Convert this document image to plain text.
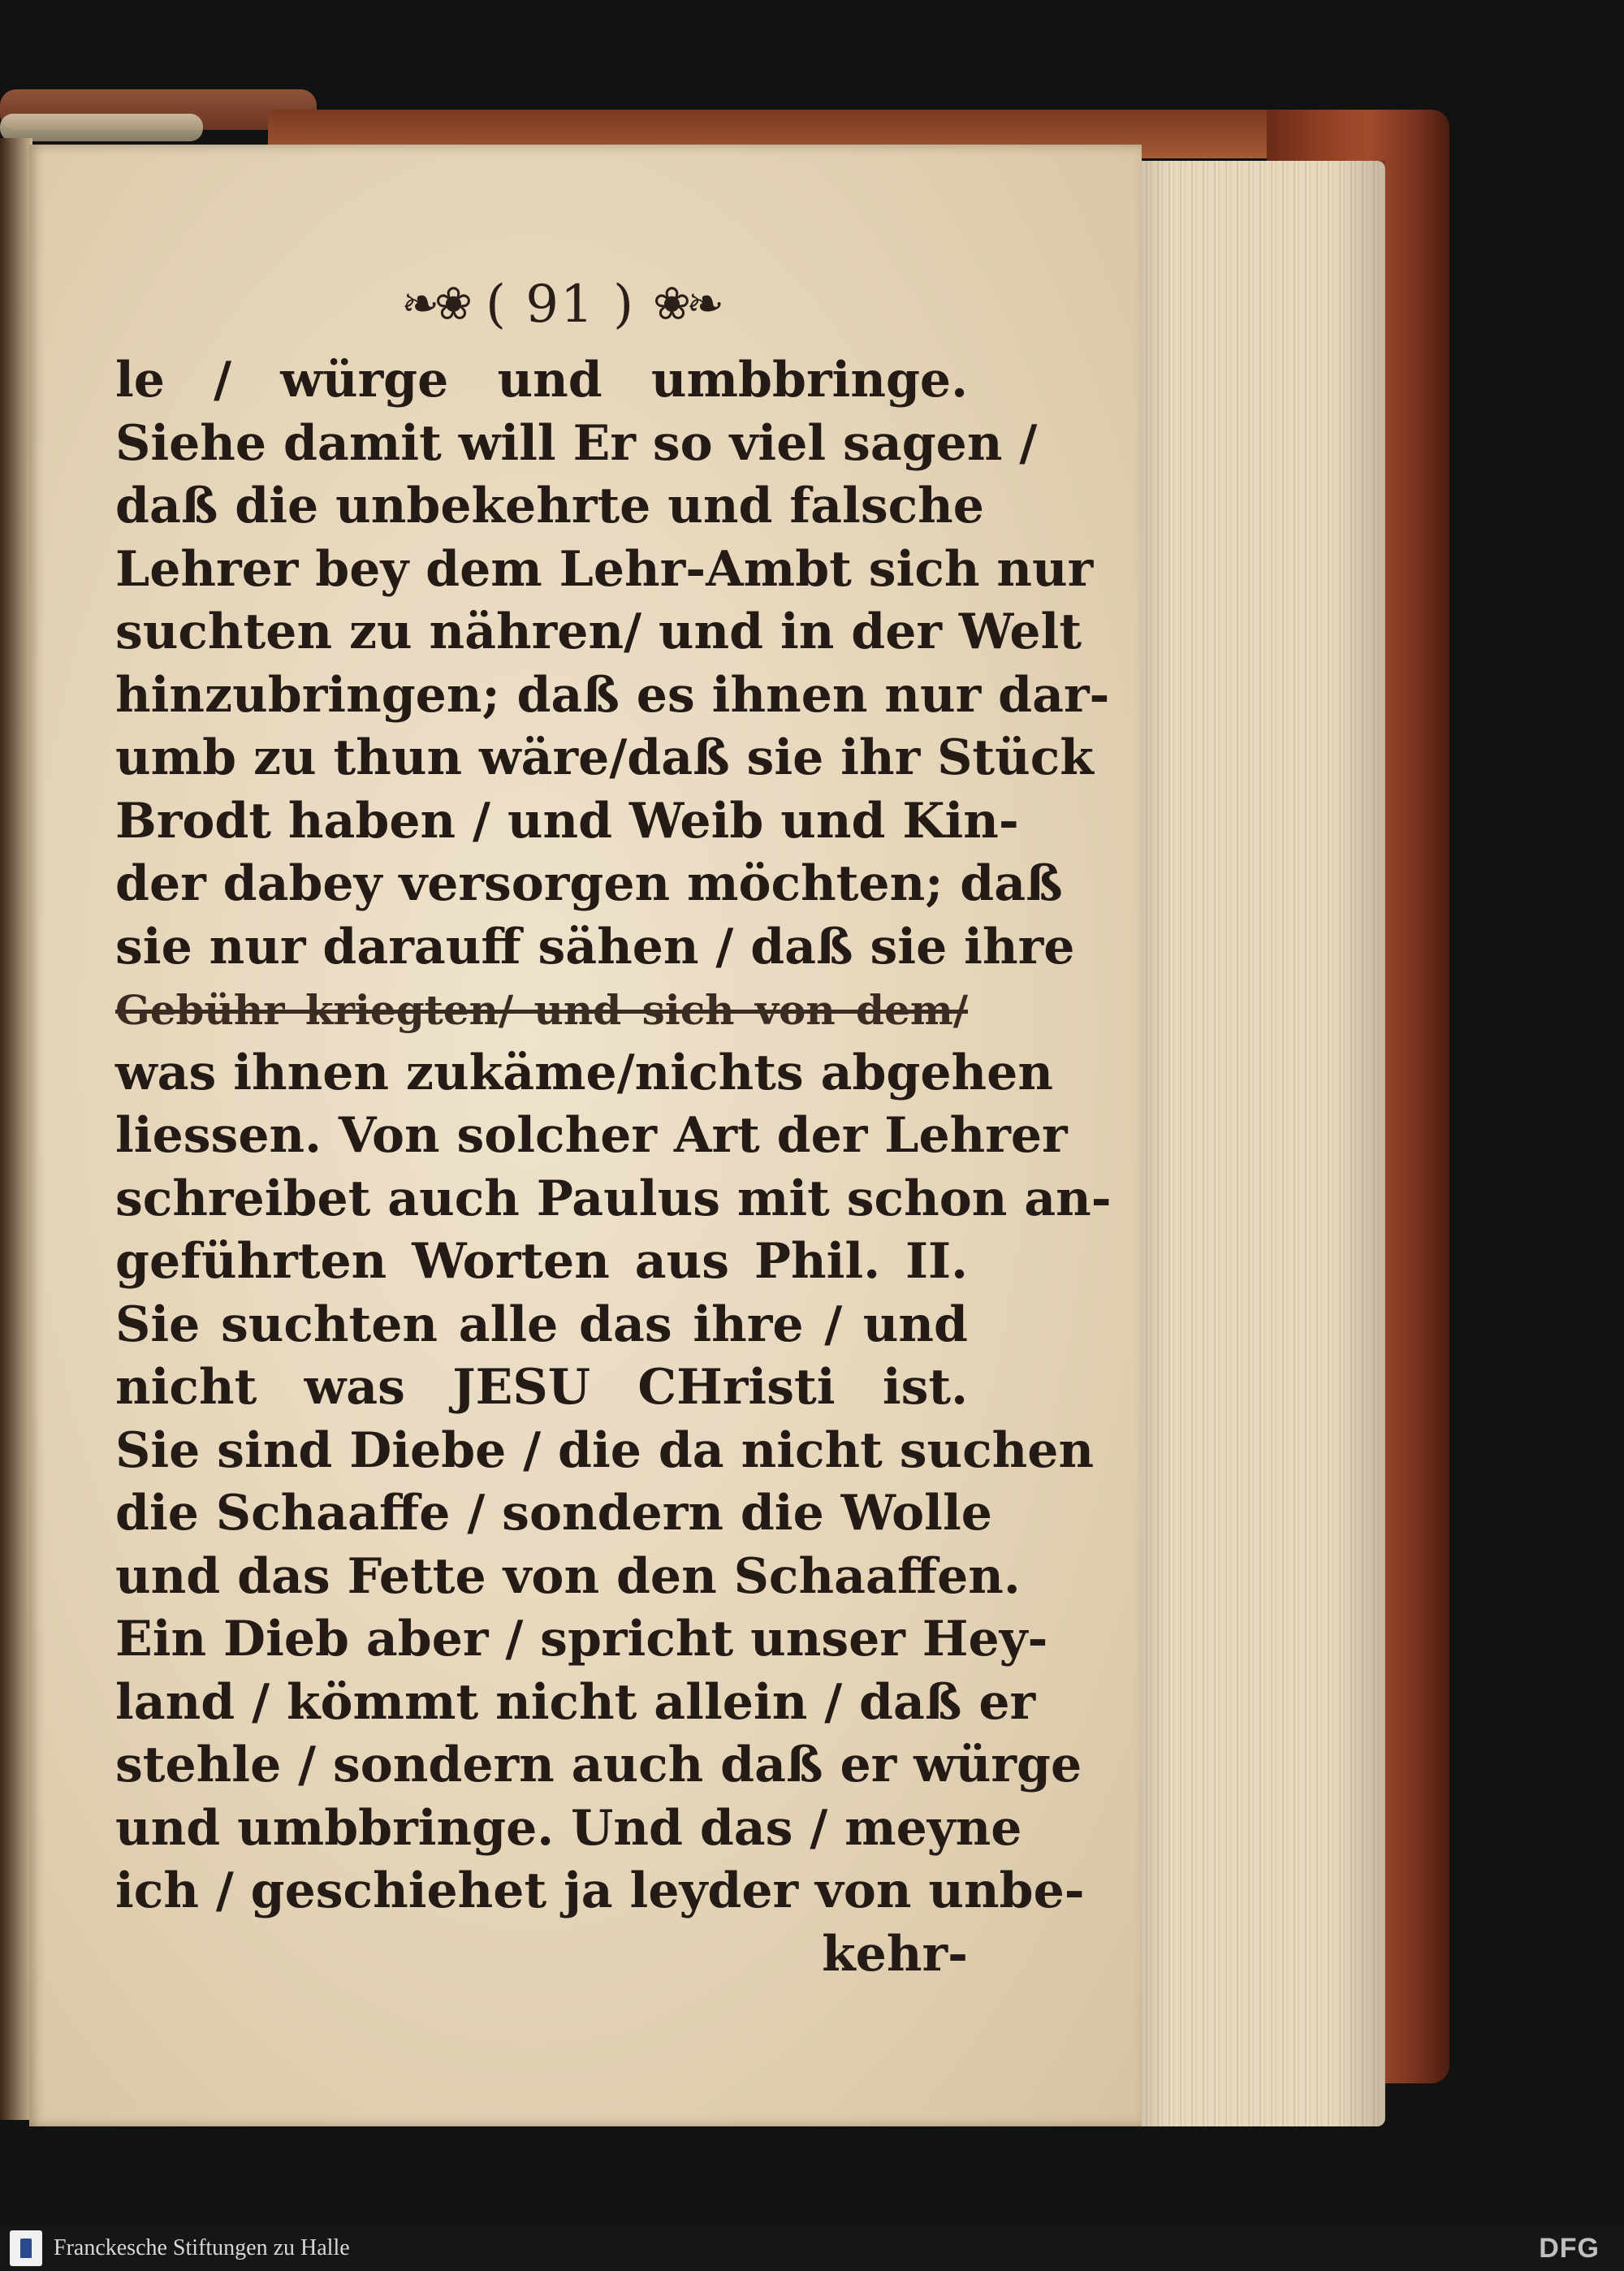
❧❀ ( 91 ) ❀❧
le / würge und umbbringe.
Siehe damit will Er so viel sagen /
daß die unbekehrte und falsche
Lehrer bey dem Lehr-Ambt sich nur
suchten zu nähren/ und in der Welt
hinzubringen; daß es ihnen nur dar-
umb zu thun wäre/daß sie ihr Stück
Brodt haben / und Weib und Kin-
der dabey versorgen möchten; daß
sie nur darauff sähen / daß sie ihre
Gebühr kriegten/ und sich von dem/
was ihnen zukäme/nichts abgehen
liessen. Von solcher Art der Lehrer
schreibet auch Paulus mit schon an-
geführten Worten aus Phil. II.
Sie suchten alle das ihre / und
nicht was JESU CHristi ist.
Sie sind Diebe / die da nicht suchen
die Schaaffe / sondern die Wolle
und das Fette von den Schaaffen.
Ein Dieb aber / spricht unser Hey-
land / kömmt nicht allein / daß er
stehle / sondern auch daß er würge
und umbbringe. Und das / meyne
ich / geschiehet ja leyder von unbe-
kehr-
Franckesche Stiftungen zu Halle	DFG
